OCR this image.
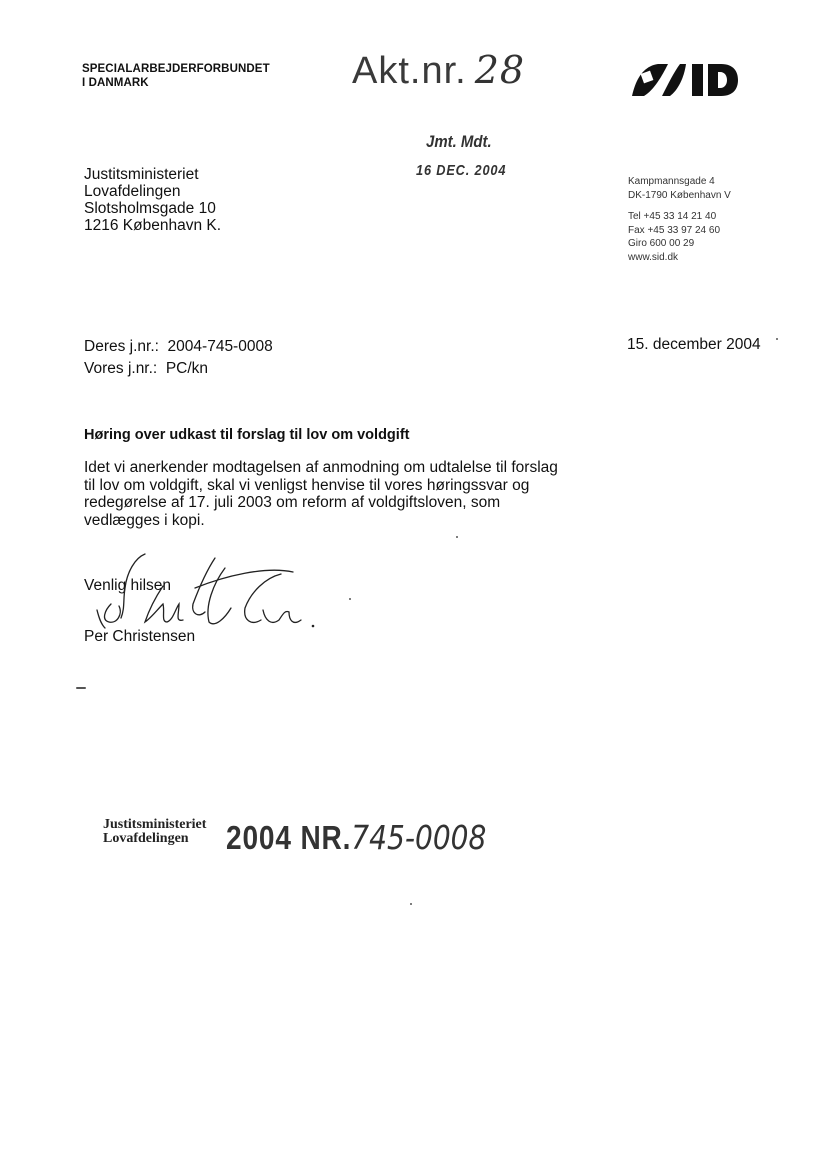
SPECIALARBEJDERFORBUNDET
I DANMARK	Akt.nr. 28
Jmt. Mdt.
16 DEC. 2004
Justitsministeriet
Lovafdelingen
Slotsholmsgade 10
1216 København K.
Kampmannsgade 4
DK-1790 København V
Tel +45 33 14 21 40
Fax +45 33 97 24 60
Giro 600 00 29
www.sid.dk
Deres j.nr.:  2004-745-0008
Vores j.nr.:  PC/kn
15. december 2004
Høring over udkast til forslag til lov om voldgift
Idet vi anerkender modtagelsen af anmodning om udtalelse til forslag
til lov om voldgift, skal vi venligst henvise til vores høringssvar og
redegørelse af 17. juli 2003 om reform af voldgiftsloven, som
vedlægges i kopi.
Venlig hilsen
Per Christensen
Justitsministeriet
Lovafdelingen	2004 NR.745-0008
